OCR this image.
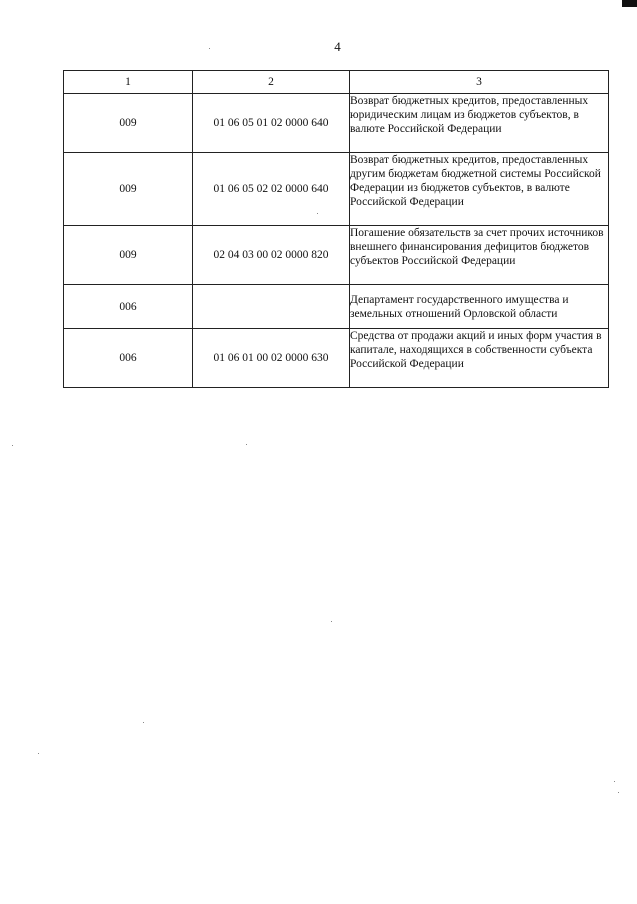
4
1	2	3
009	01 06 05 01 02 0000 640	Возврат бюджетных кредитов, предоставленных юридическим лицам из бюджетов субъектов, в валюте Российской Федерации
009	01 06 05 02 02 0000 640	Возврат бюджетных кредитов, предоставленных другим бюджетам бюджетной системы Российской Федерации из бюджетов субъектов, в валюте Российской Федерации
009	02 04 03 00 02 0000 820	Погашение обязательств за счет прочих источников внешнего финансирования дефицитов бюджетов субъектов Российской Федерации
006		Департамент государственного имущества и земельных отношений Орловской области
006	01 06 01 00 02 0000 630	Средства от продажи акций и иных форм участия в капитале, находящихся в собственности субъекта Российской Федерации
